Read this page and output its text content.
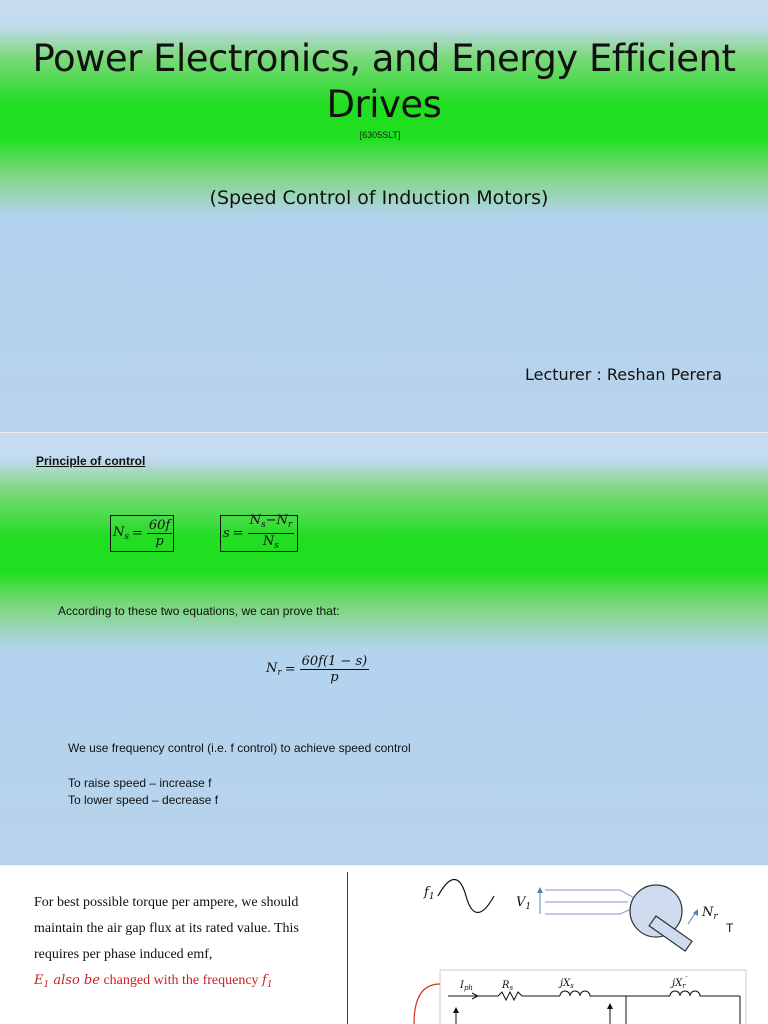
Power Electronics, and Energy Efficient Drives
[6305SLT]
(Speed Control of Induction Motors)
Lecturer : Reshan Perera
Principle of control
$N_s = \frac{60f}{p}$	$s = \frac{N_s-N_r}{N_s}$
According to these two equations, we can prove that:
$N_r = \frac{60f(1 - s)}{p}$
We use frequency control (i.e. f control) to achieve speed control
To raise speed – increase f
To lower speed – decrease f
For best possible torque per ampere, we should
maintain the air gap flux at its rated value. This
requires per phase induced emf,
$E_1$ also be changed with the frequency $f_1$
$f_1$	$V_1$	$N_r$
T
$I_{ph}$	$R_s$	$jX_s$	$jX_r'$
